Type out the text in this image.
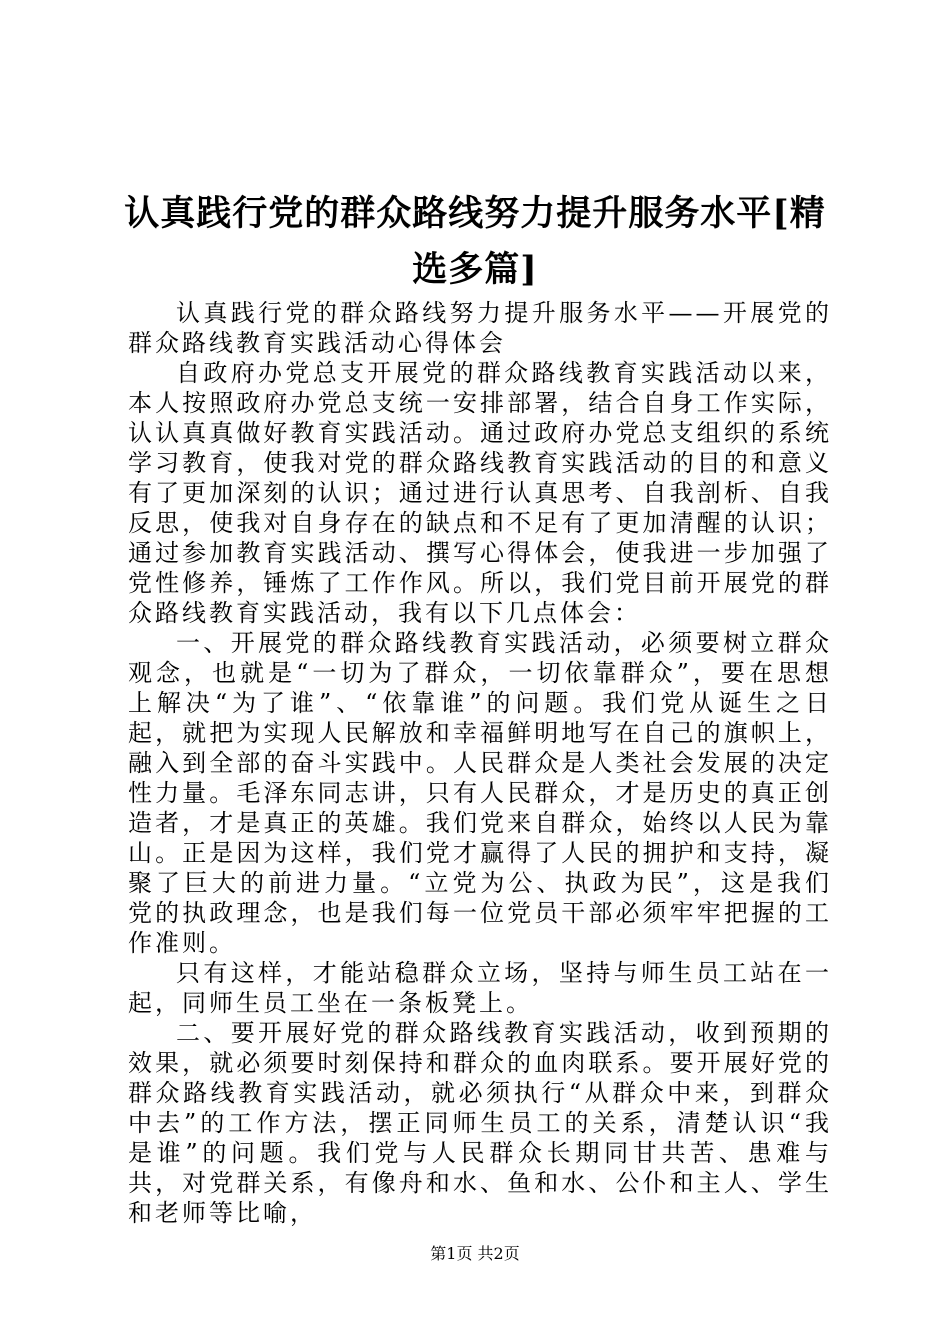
认真践行党的群众路线努力提升服务水平[精选多篇]

认真践行党的群众路线努力提升服务水平——开展党的群众路线教育实践活动心得体会

自政府办党总支开展党的群众路线教育实践活动以来，本人按照政府办党总支统一安排部署，结合自身工作实际，认认真真做好教育实践活动。通过政府办党总支组织的系统学习教育，使我对党的群众路线教育实践活动的目的和意义有了更加深刻的认识；通过进行认真思考、自我剖析、自我反思，使我对自身存在的缺点和不足有了更加清醒的认识；通过参加教育实践活动、撰写心得体会，使我进一步加强了党性修养，锤炼了工作作风。所以，我们党目前开展党的群众路线教育实践活动，我有以下几点体会：

一、开展党的群众路线教育实践活动，必须要树立群众观念，也就是“一切为了群众，一切依靠群众”，要在思想上解决“为了谁”、“依靠谁”的问题。我们党从诞生之日起，就把为实现人民解放和幸福鲜明地写在自己的旗帜上，融入到全部的奋斗实践中。人民群众是人类社会发展的决定性力量。毛泽东同志讲，只有人民群众，才是历史的真正创造者，才是真正的英雄。我们党来自群众，始终以人民为靠山。正是因为这样，我们党才赢得了人民的拥护和支持，凝聚了巨大的前进力量。“立党为公、执政为民”，这是我们党的执政理念，也是我们每一位党员干部必须牢牢把握的工作准则。

只有这样，才能站稳群众立场，坚持与师生员工站在一起，同师生员工坐在一条板凳上。

二、要开展好党的群众路线教育实践活动，收到预期的效果，就必须要时刻保持和群众的血肉联系。要开展好党的群众路线教育实践活动，就必须执行“从群众中来，到群众中去”的工作方法，摆正同师生员工的关系，清楚认识“我是谁”的问题。我们党与人民群众长期同甘共苦、患难与共，对党群关系，有像舟和水、鱼和水、公仆和主人、学生和老师等比喻，

第1页 共2页
